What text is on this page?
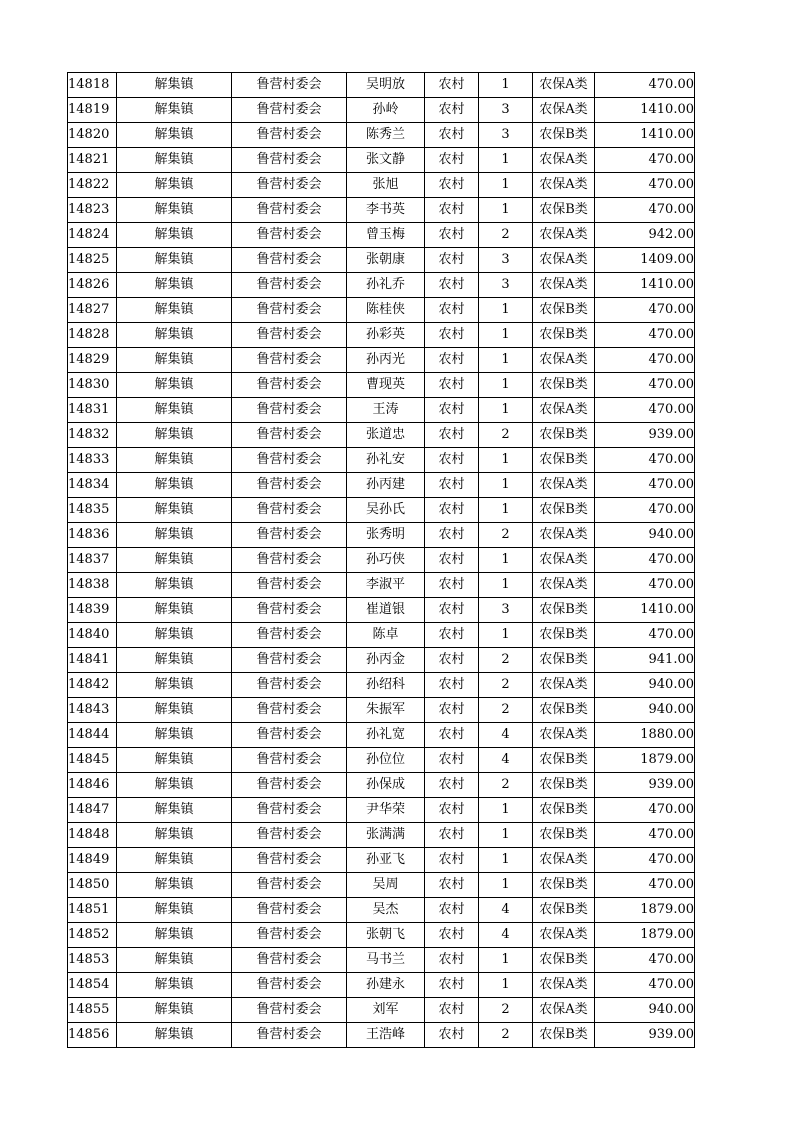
14818	解集镇	鲁营村委会	吴明放	农村	1	农保A类	470.00
14819	解集镇	鲁营村委会	孙岭	农村	3	农保A类	1410.00
14820	解集镇	鲁营村委会	陈秀兰	农村	3	农保B类	1410.00
14821	解集镇	鲁营村委会	张文静	农村	1	农保A类	470.00
14822	解集镇	鲁营村委会	张旭	农村	1	农保A类	470.00
14823	解集镇	鲁营村委会	李书英	农村	1	农保B类	470.00
14824	解集镇	鲁营村委会	曾玉梅	农村	2	农保A类	942.00
14825	解集镇	鲁营村委会	张朝康	农村	3	农保A类	1409.00
14826	解集镇	鲁营村委会	孙礼乔	农村	3	农保A类	1410.00
14827	解集镇	鲁营村委会	陈桂侠	农村	1	农保B类	470.00
14828	解集镇	鲁营村委会	孙彩英	农村	1	农保B类	470.00
14829	解集镇	鲁营村委会	孙丙光	农村	1	农保A类	470.00
14830	解集镇	鲁营村委会	曹现英	农村	1	农保B类	470.00
14831	解集镇	鲁营村委会	王涛	农村	1	农保A类	470.00
14832	解集镇	鲁营村委会	张道忠	农村	2	农保B类	939.00
14833	解集镇	鲁营村委会	孙礼安	农村	1	农保B类	470.00
14834	解集镇	鲁营村委会	孙丙建	农村	1	农保A类	470.00
14835	解集镇	鲁营村委会	吴孙氏	农村	1	农保B类	470.00
14836	解集镇	鲁营村委会	张秀明	农村	2	农保A类	940.00
14837	解集镇	鲁营村委会	孙巧侠	农村	1	农保A类	470.00
14838	解集镇	鲁营村委会	李淑平	农村	1	农保A类	470.00
14839	解集镇	鲁营村委会	崔道银	农村	3	农保B类	1410.00
14840	解集镇	鲁营村委会	陈卓	农村	1	农保B类	470.00
14841	解集镇	鲁营村委会	孙丙金	农村	2	农保B类	941.00
14842	解集镇	鲁营村委会	孙绍科	农村	2	农保A类	940.00
14843	解集镇	鲁营村委会	朱振军	农村	2	农保B类	940.00
14844	解集镇	鲁营村委会	孙礼宽	农村	4	农保A类	1880.00
14845	解集镇	鲁营村委会	孙位位	农村	4	农保B类	1879.00
14846	解集镇	鲁营村委会	孙保成	农村	2	农保B类	939.00
14847	解集镇	鲁营村委会	尹华荣	农村	1	农保B类	470.00
14848	解集镇	鲁营村委会	张满满	农村	1	农保B类	470.00
14849	解集镇	鲁营村委会	孙亚飞	农村	1	农保A类	470.00
14850	解集镇	鲁营村委会	吴周	农村	1	农保B类	470.00
14851	解集镇	鲁营村委会	吴杰	农村	4	农保B类	1879.00
14852	解集镇	鲁营村委会	张朝飞	农村	4	农保A类	1879.00
14853	解集镇	鲁营村委会	马书兰	农村	1	农保B类	470.00
14854	解集镇	鲁营村委会	孙建永	农村	1	农保A类	470.00
14855	解集镇	鲁营村委会	刘军	农村	2	农保A类	940.00
14856	解集镇	鲁营村委会	王浩峰	农村	2	农保B类	939.00
